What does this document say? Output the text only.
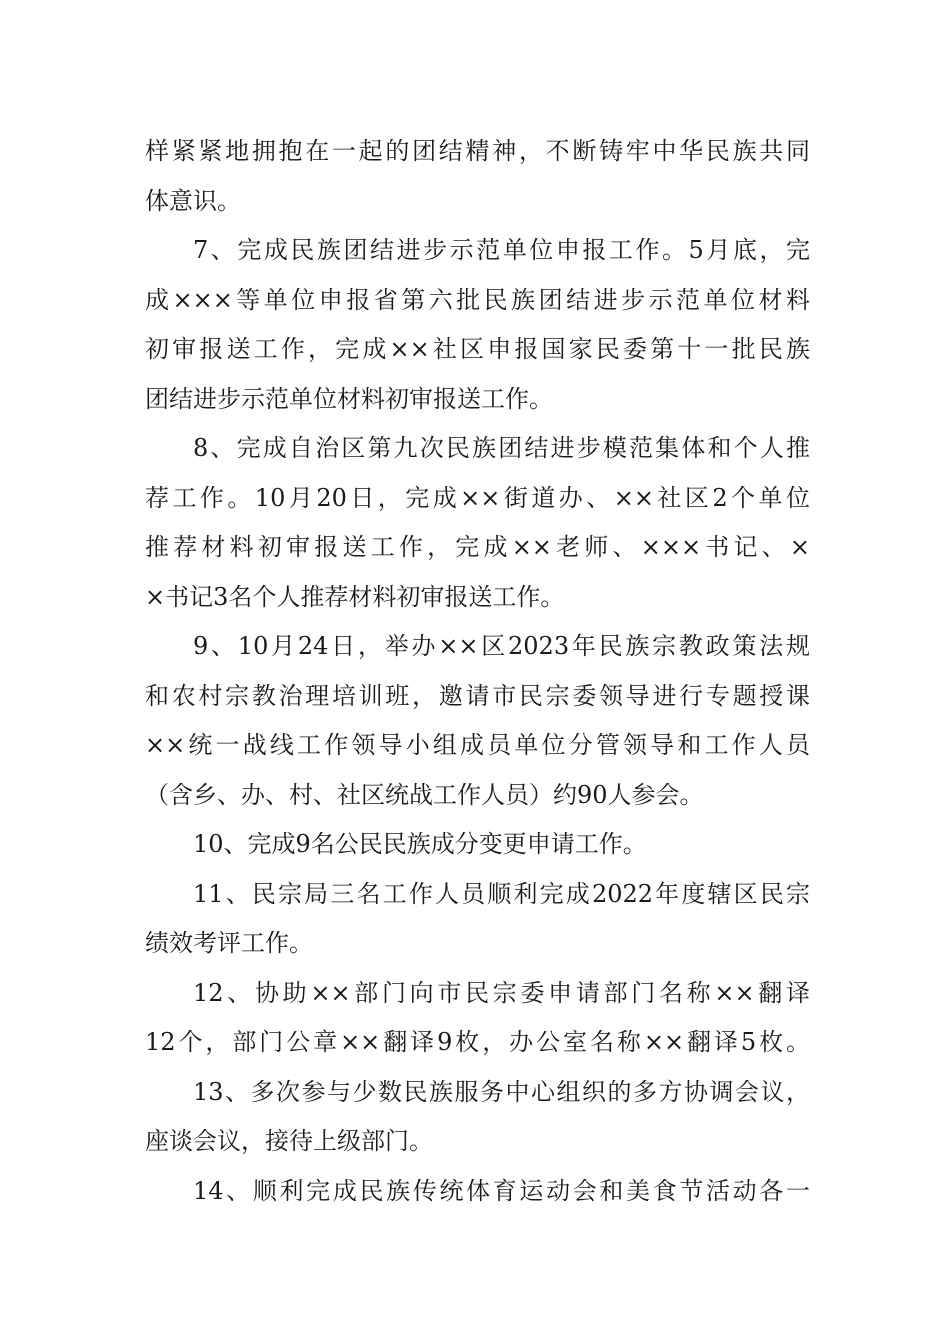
样紧紧地拥抱在一起的团结精神，不断铸牢中华民族共同
体意识。
7、完成民族团结进步示范单位申报工作。5月底，完
成×××等单位申报省第六批民族团结进步示范单位材料
初审报送工作，完成××社区申报国家民委第十一批民族
团结进步示范单位材料初审报送工作。
8、完成自治区第九次民族团结进步模范集体和个人推
荐工作。10月20日，完成××街道办、××社区2个单位
推荐材料初审报送工作，完成××老师、×××书记、×
×书记3名个人推荐材料初审报送工作。
9、10月24日，举办××区2023年民族宗教政策法规
和农村宗教治理培训班，邀请市民宗委领导进行专题授课
××统一战线工作领导小组成员单位分管领导和工作人员
（含乡、办、村、社区统战工作人员）约90人参会。
10、完成9名公民民族成分变更申请工作。
11、民宗局三名工作人员顺利完成2022年度辖区民宗
绩效考评工作。
12、协助××部门向市民宗委申请部门名称××翻译
12个，部门公章××翻译9枚，办公室名称××翻译5枚。
13、多次参与少数民族服务中心组织的多方协调会议，
座谈会议，接待上级部门。
14、顺利完成民族传统体育运动会和美食节活动各一
